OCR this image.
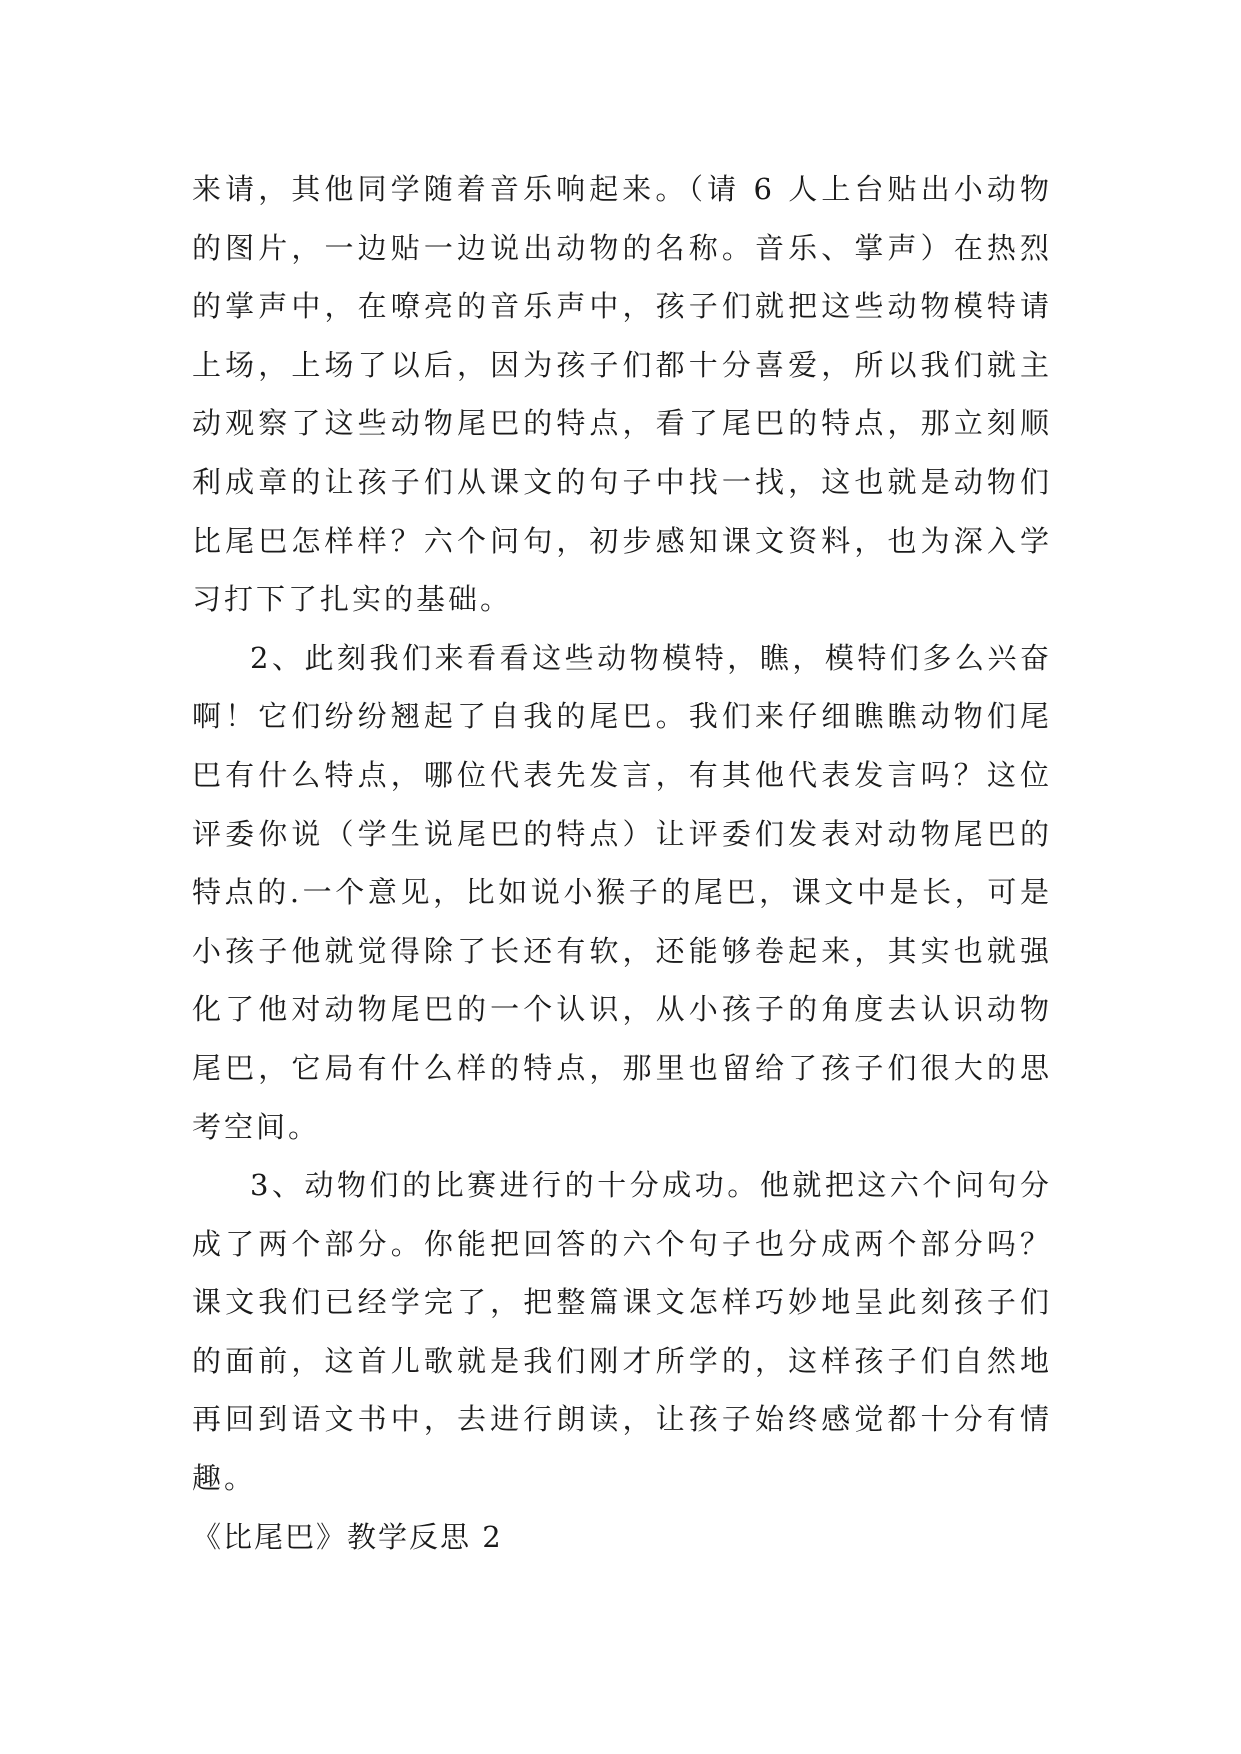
来请，其他同学随着音乐响起来。（请 6 人上台贴出小动物的图片，一边贴一边说出动物的名称。音乐、掌声）在热烈的掌声中，在嘹亮的音乐声中，孩子们就把这些动物模特请上场，上场了以后，因为孩子们都十分喜爱，所以我们就主动观察了这些动物尾巴的特点，看了尾巴的特点，那立刻顺利成章的让孩子们从课文的句子中找一找，这也就是动物们比尾巴怎样样？六个问句，初步感知课文资料，也为深入学习打下了扎实的基础。

2、此刻我们来看看这些动物模特，瞧，模特们多么兴奋啊！它们纷纷翘起了自我的尾巴。我们来仔细瞧瞧动物们尾巴有什么特点，哪位代表先发言，有其他代表发言吗？这位评委你说（学生说尾巴的特点）让评委们发表对动物尾巴的特点的.一个意见，比如说小猴子的尾巴，课文中是长，可是小孩子他就觉得除了长还有软，还能够卷起来，其实也就强化了他对动物尾巴的一个认识，从小孩子的角度去认识动物尾巴，它局有什么样的特点，那里也留给了孩子们很大的思考空间。

3、动物们的比赛进行的十分成功。他就把这六个问句分成了两个部分。你能把回答的六个句子也分成两个部分吗？课文我们已经学完了，把整篇课文怎样巧妙地呈此刻孩子们的面前，这首儿歌就是我们刚才所学的，这样孩子们自然地再回到语文书中，去进行朗读，让孩子始终感觉都十分有情趣。

《比尾巴》教学反思 2
